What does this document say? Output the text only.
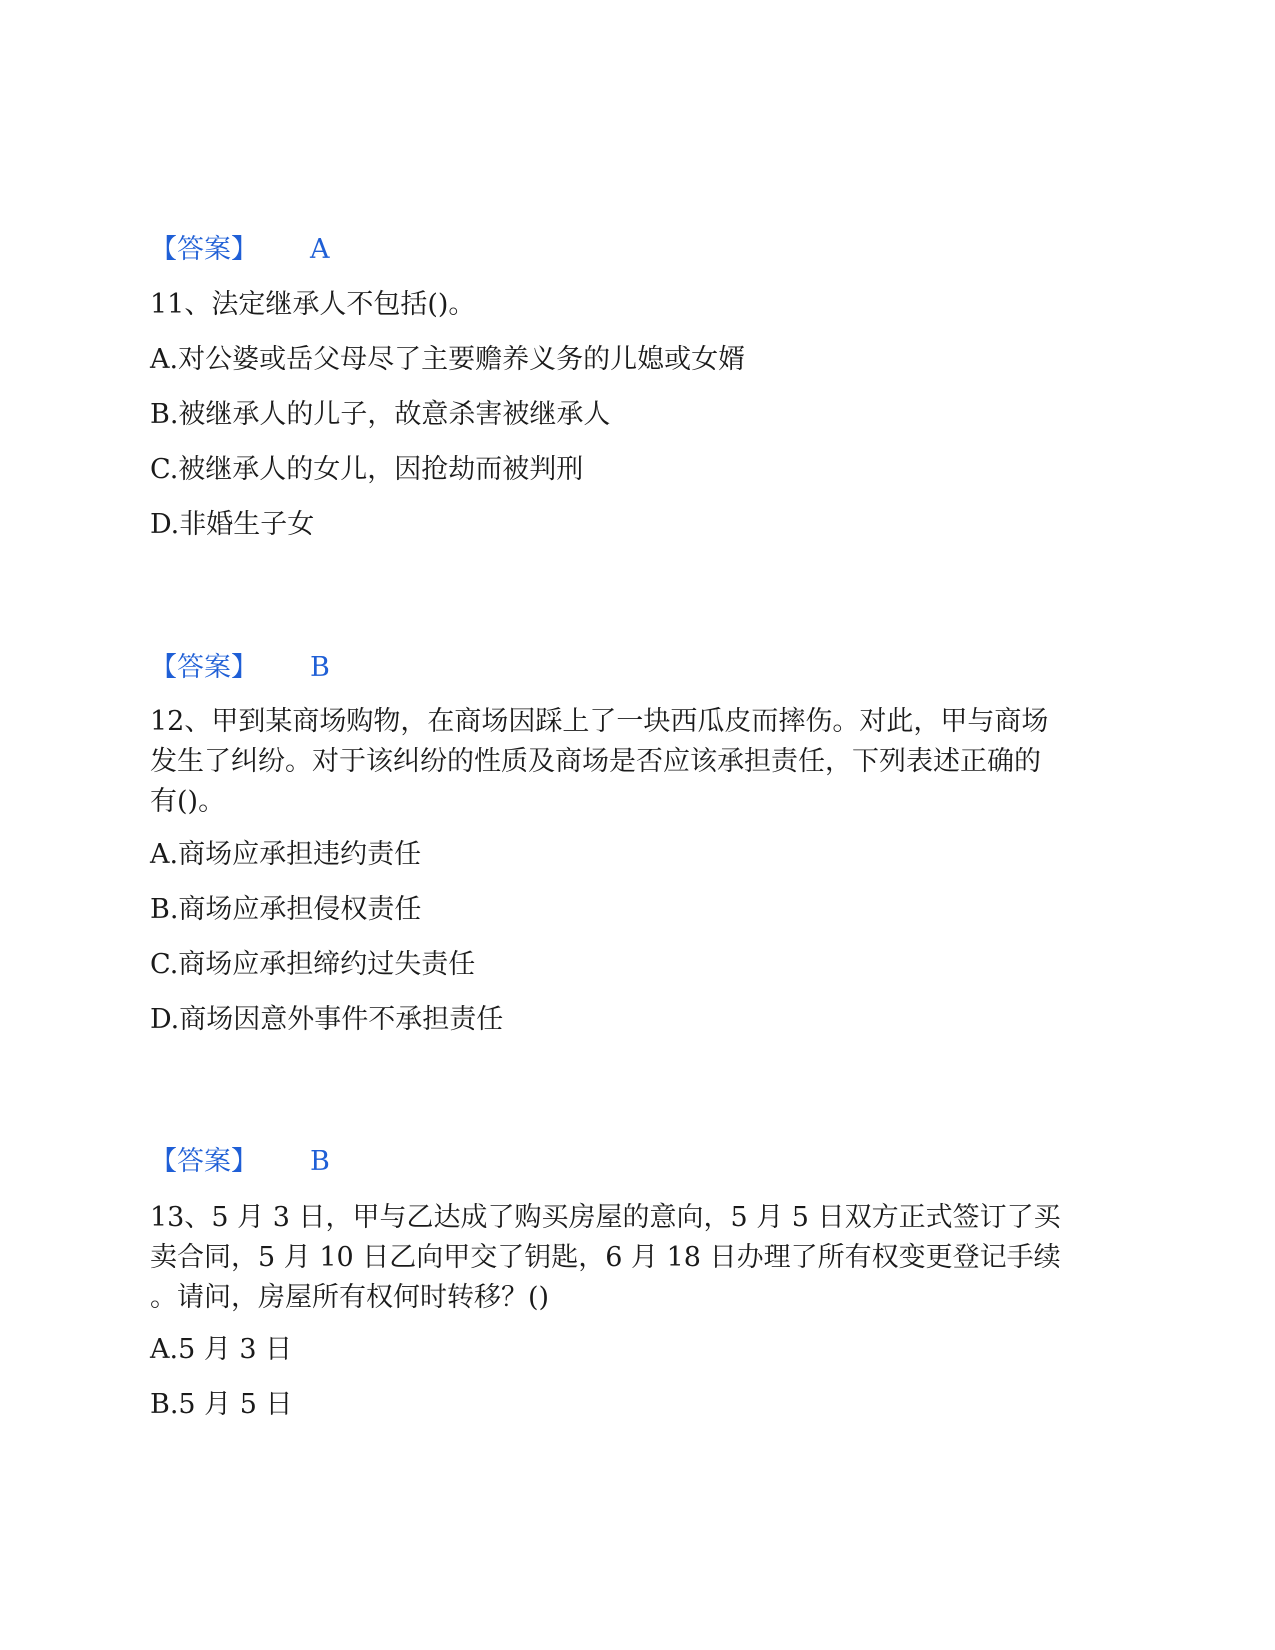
【答案】 A
11、法定继承人不包括()。
A.对公婆或岳父母尽了主要赡养义务的儿媳或女婿
B.被继承人的儿子，故意杀害被继承人
C.被继承人的女儿，因抢劫而被判刑
D.非婚生子女
【答案】 B
12、甲到某商场购物，在商场因踩上了一块西瓜皮而摔伤。对此，甲与商场
发生了纠纷。对于该纠纷的性质及商场是否应该承担责任，下列表述正确的
有()。
A.商场应承担违约责任
B.商场应承担侵权责任
C.商场应承担缔约过失责任
D.商场因意外事件不承担责任
【答案】 B
13、5 月 3 日，甲与乙达成了购买房屋的意向，5 月 5 日双方正式签订了买
卖合同，5 月 10 日乙向甲交了钥匙，6 月 18 日办理了所有权变更登记手续
。请问，房屋所有权何时转移？()
A.5 月 3 日
B.5 月 5 日
